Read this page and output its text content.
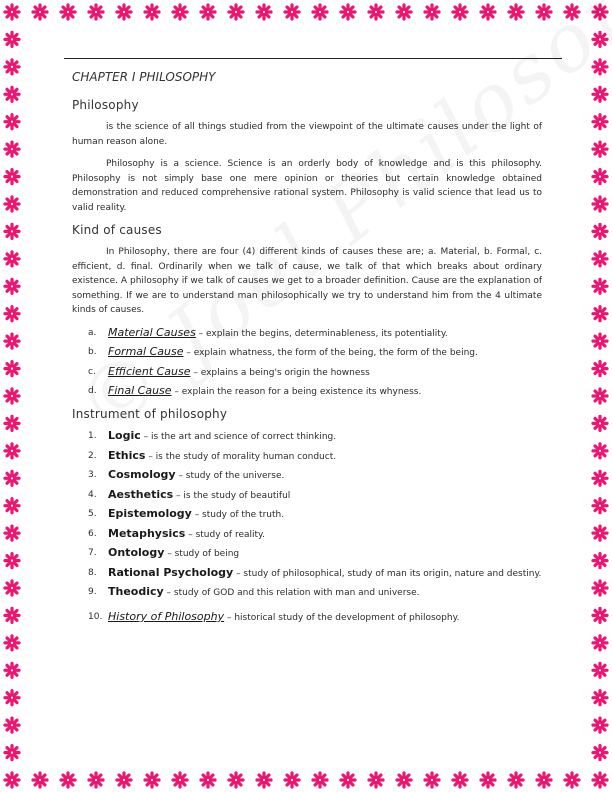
CHAPTER I PHILOSOPHY
Philosophy

is the science of all things studied from the viewpoint of the ultimate causes under the light of human reason alone.

Philosophy is a science. Science is an orderly body of knowledge and is this philosophy. Philosophy is not simply base one mere opinion or theories but certain knowledge obtained demonstration and reduced comprehensive rational system. Philosophy is valid science that lead us to valid reality.

Kind of causes

In Philosophy, there are four (4) different kinds of causes these are; a. Material, b. Formal, c. efficient, d. final. Ordinarily when we talk of cause, we talk of that which breaks about ordinary existence. A philosophy if we talk of causes we get to a broader definition. Cause are the explanation of something. If we are to understand man philosophically we try to understand him from the 4 ultimate kinds of causes.

a. Material Causes – explain the begins, determinableness, its potentiality.
b. Formal Cause – explain whatness, the form of the being, the form of the being.
c. Efficient Cause – explains a being's origin the howness
d. Final Cause – explain the reason for a being existence its whyness.
Instrument of philosophy
1. Logic – is the art and science of correct thinking.
2. Ethics – is the study of morality human conduct.
3. Cosmology – study of the universe.
4. Aesthetics – is the study of beautiful
5. Epistemology – study of the truth.
6. Metaphysics – study of reality.
7. Ontology – study of being
8. Rational Psychology – study of philosophical, study of man its origin, nature and destiny.
9. Theodicy – study of GOD and this relation with man and universe.
10. History of Philosophy – historical study of the development of philosophy.
